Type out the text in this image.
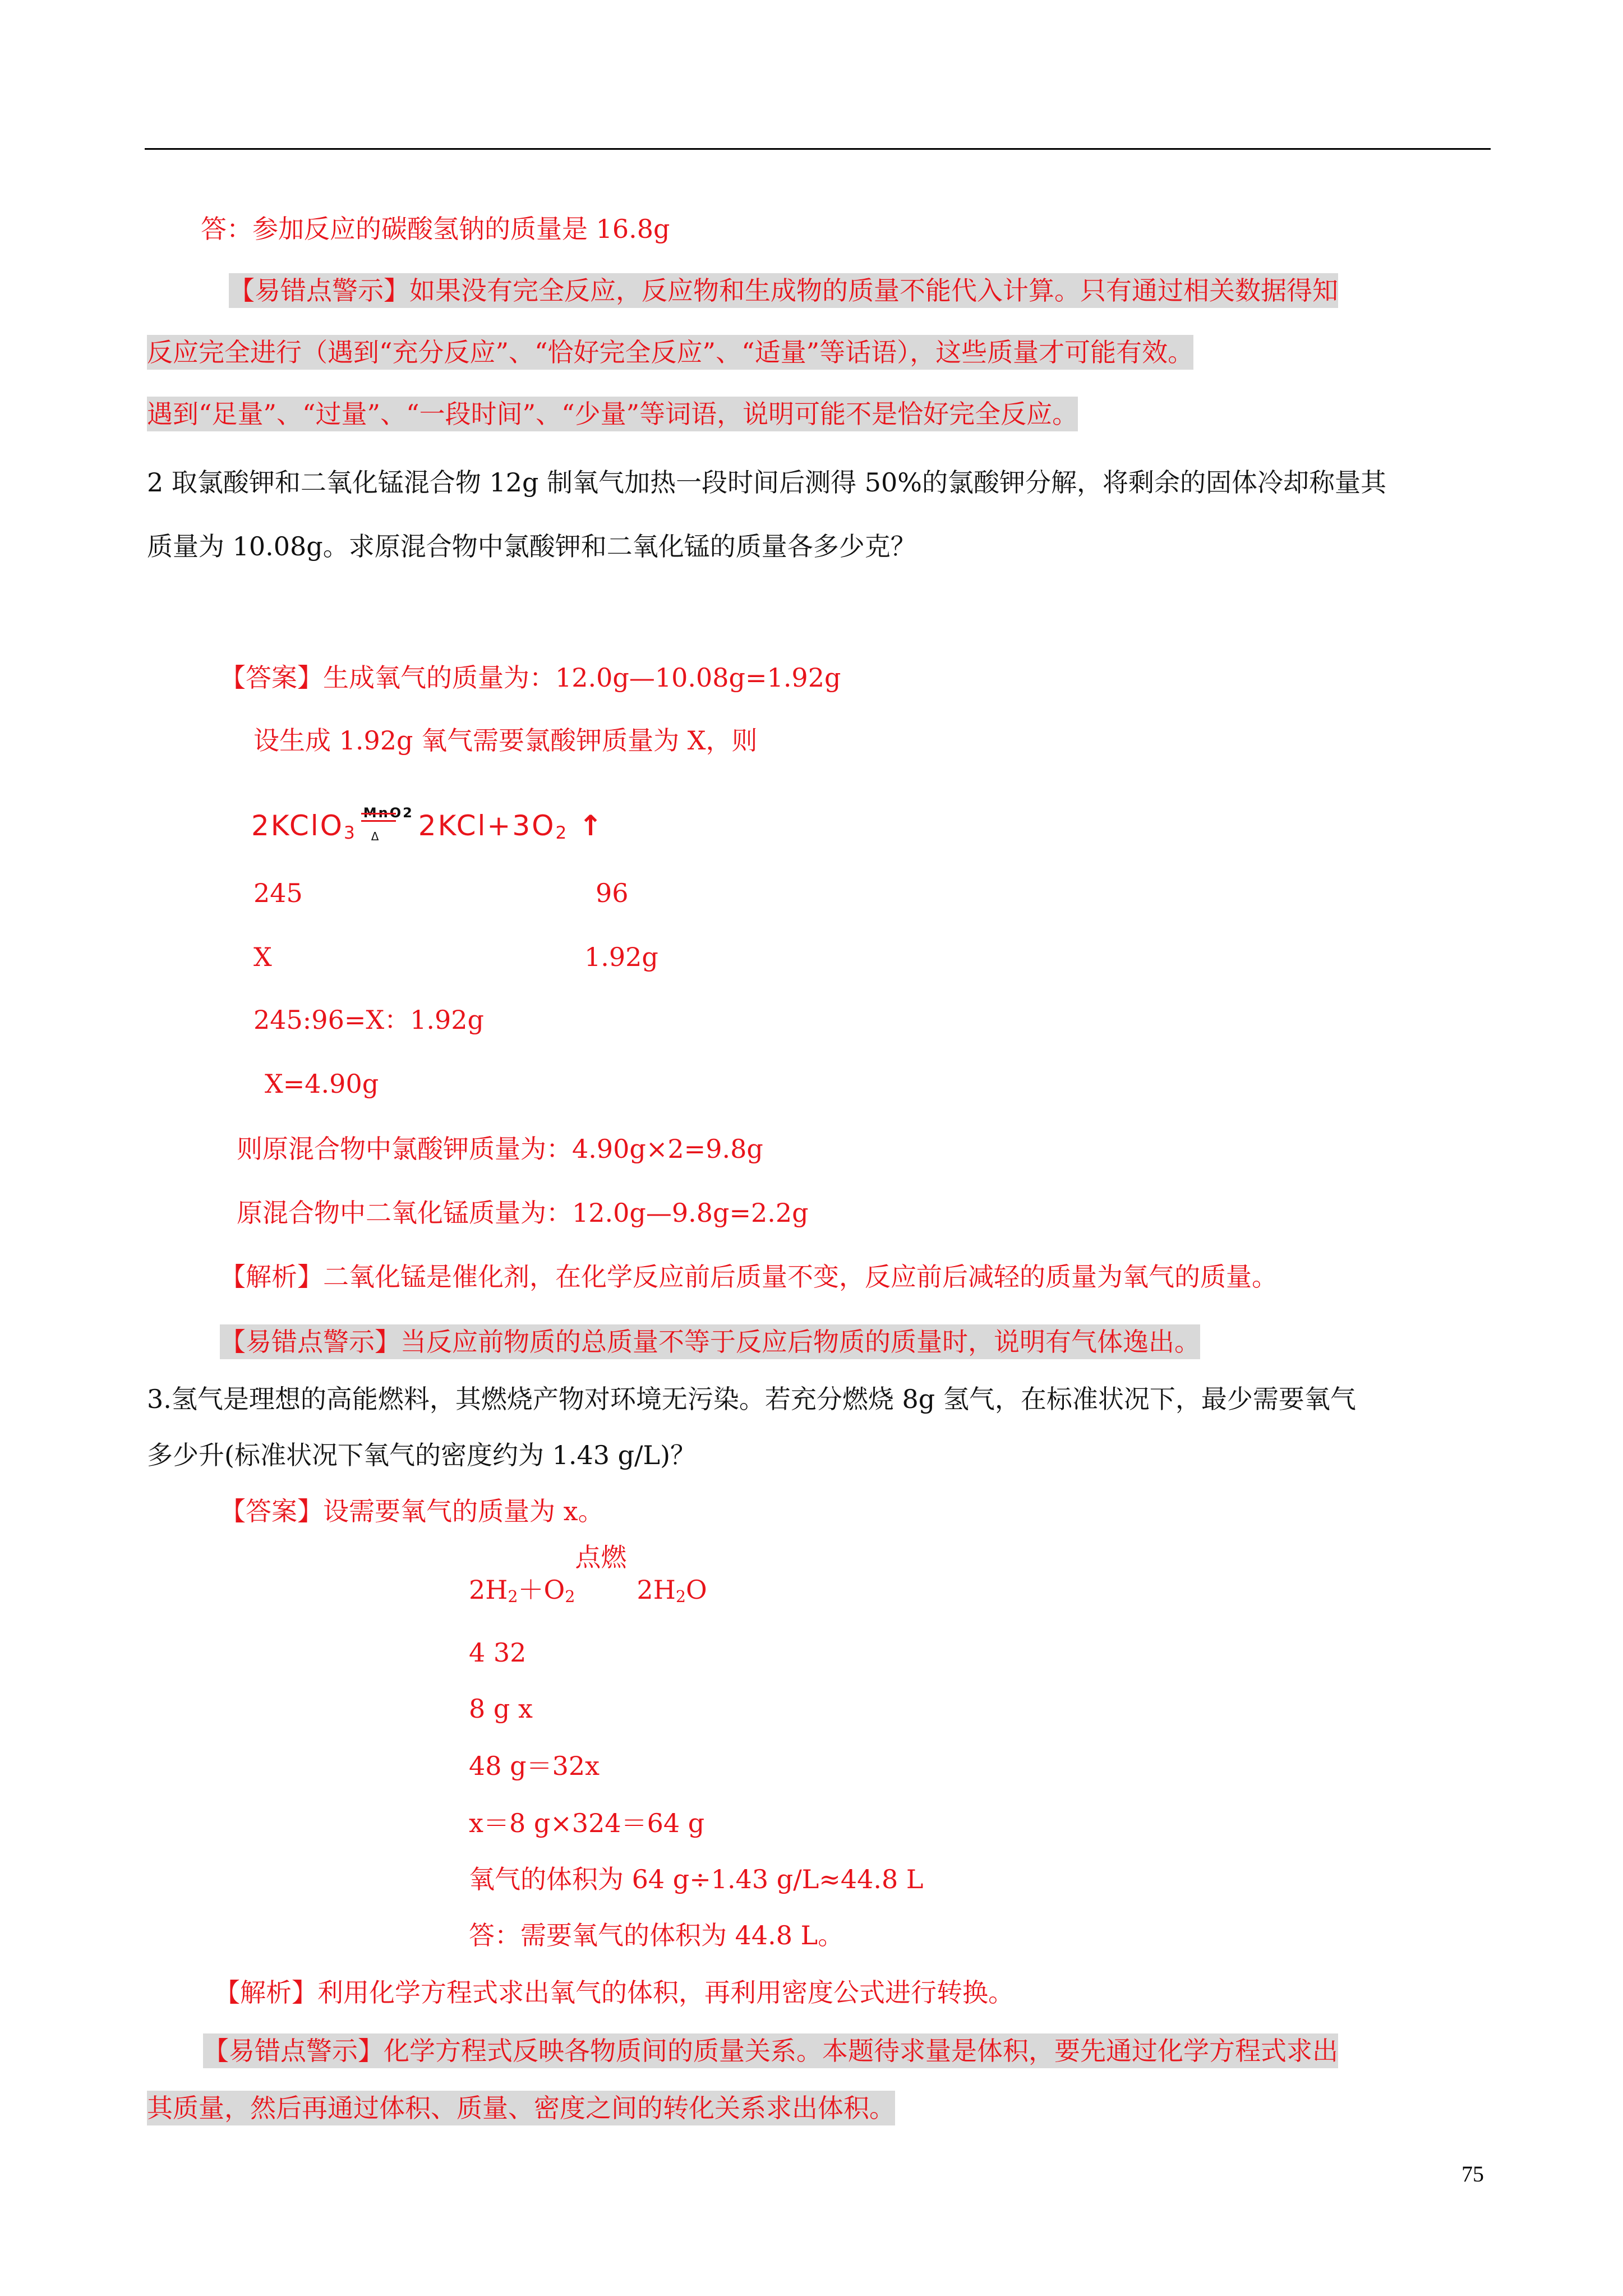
答：参加反应的碳酸氢钠的质量是 16.8g
【易错点警示】如果没有完全反应，反应物和生成物的质量不能代入计算。只有通过相关数据得知
反应完全进行（遇到“充分反应”、“恰好完全反应”、“适量”等话语），这些质量才可能有效。
遇到“足量”、“过量”、“一段时间”、“少量”等词语，说明可能不是恰好完全反应。
2 取氯酸钾和二氧化锰混合物 12g 制氧气加热一段时间后测得 50%的氯酸钾分解，将剩余的固体冷却称量其
质量为 10.08g。求原混合物中氯酸钾和二氧化锰的质量各多少克？
【答案】生成氧气的质量为：12.0g—10.08g=1.92g
设生成 1.92g 氧气需要氯酸钾质量为 X，则
2KClO$_3$
MnO2
Δ $2KCl+3O_2$ ↑
245	96
X	1.92g
245:96=X：1.92g
X=4.90g
则原混合物中氯酸钾质量为：4.90g×2=9.8g
原混合物中二氧化锰质量为：12.0g—9.8g=2.2g
【解析】二氧化锰是催化剂，在化学反应前后质量不变，反应前后减轻的质量为氧气的质量。
【易错点警示】当反应前物质的总质量不等于反应后物质的质量时，说明有气体逸出。
3.氢气是理想的高能燃料，其燃烧产物对环境无污染。若充分燃烧 8g 氢气，在标准状况下，最少需要氧气
多少升(标准状况下氧气的密度约为 1.43 g/L)？
【答案】设需要氧气的质量为 x。
$2H_2+O_2$
点燃
$2H_2O$
4 32
8 g x
48 g＝32x
x＝8 g×324＝64 g
氧气的体积为 64 g÷1.43 g/L≈44.8 L
答：需要氧气的体积为 44.8 L。
【解析】利用化学方程式求出氧气的体积，再利用密度公式进行转换。
【易错点警示】化学方程式反映各物质间的质量关系。本题待求量是体积，要先通过化学方程式求出
其质量，然后再通过体积、质量、密度之间的转化关系求出体积。
75
